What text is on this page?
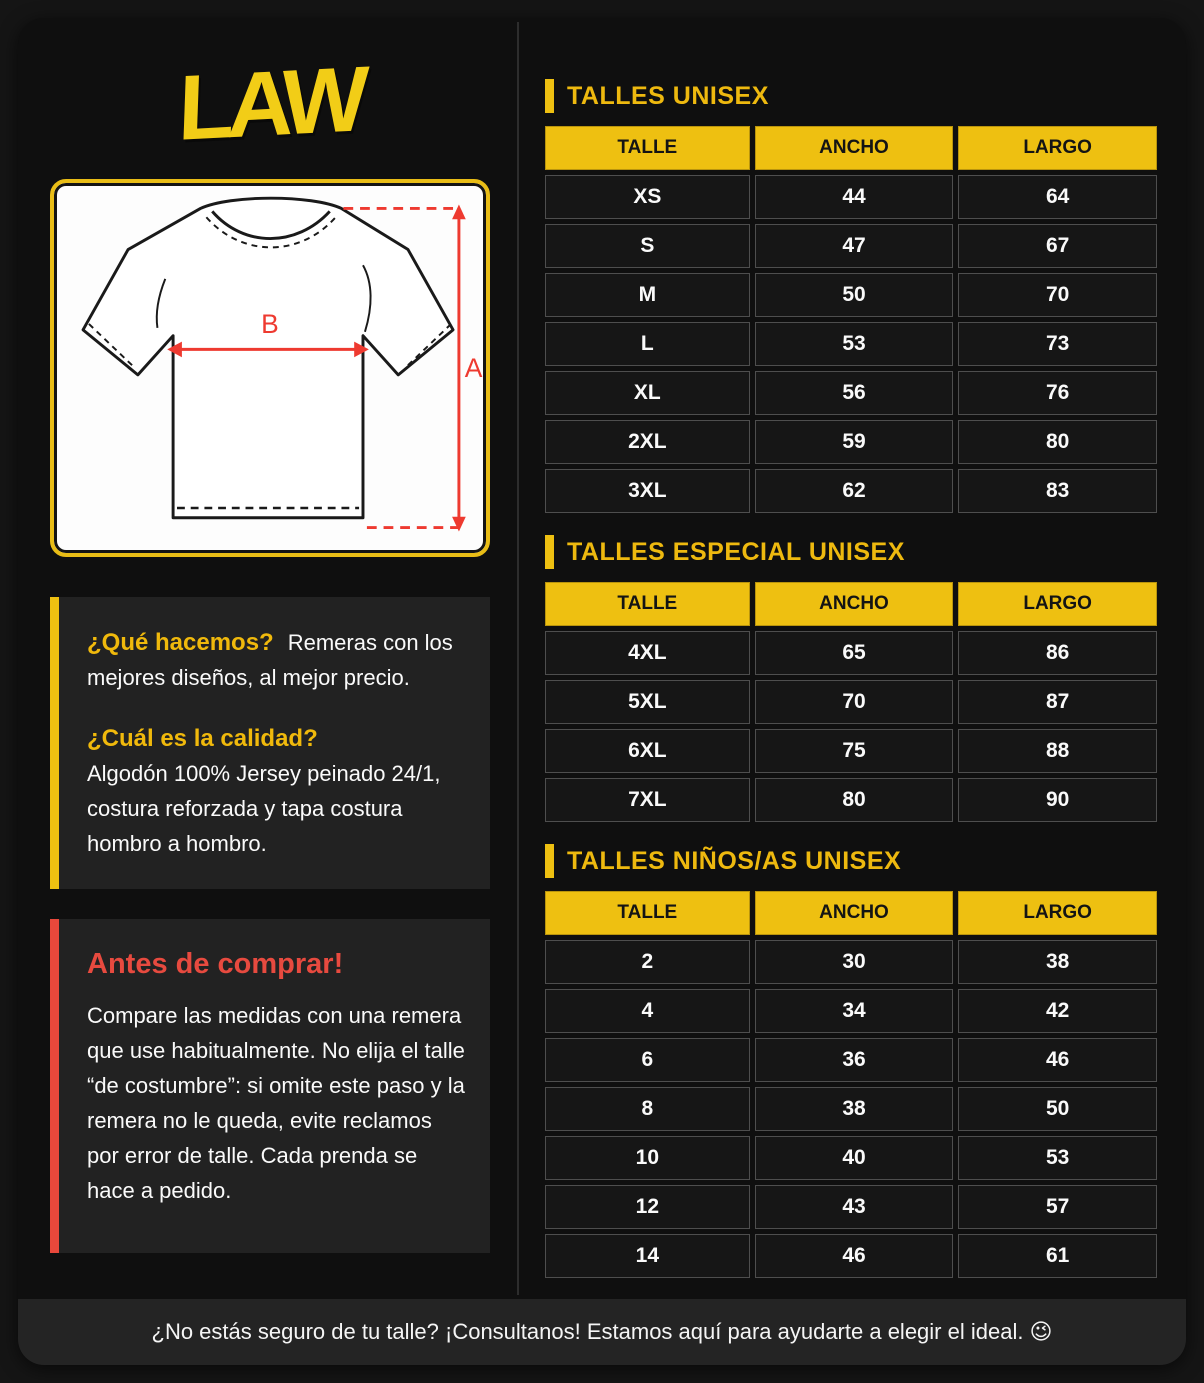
LAW
B
A

¿Qué hacemos? Remeras con los mejores diseños, al mejor precio.

¿Cuál es la calidad?

Algodón 100% Jersey peinado 24/1, costura reforzada y tapa costura hombro a hombro.

Antes de comprar!

Compare las medidas con una remera que use habitualmente. No elija el talle “de costumbre”: si omite este paso y la remera no le queda, evite reclamos por error de talle. Cada prenda se hace a pedido.

TALLES UNISEX
TALLE	ANCHO	LARGO
XS	44	64
S	47	67
M	50	70
L	53	73
XL	56	76
2XL	59	80
3XL	62	83
TALLES ESPECIAL UNISEX
TALLE	ANCHO	LARGO
4XL	65	86
5XL	70	87
6XL	75	88
7XL	80	90
TALLES NIÑOS/AS UNISEX
TALLE	ANCHO	LARGO
2	30	38
4	34	42
6	36	46
8	38	50
10	40	53
12	43	57
14	46	61

¿No estás seguro de tu talle? ¡Consultanos! Estamos aquí para ayudarte a elegir el ideal. 😉
